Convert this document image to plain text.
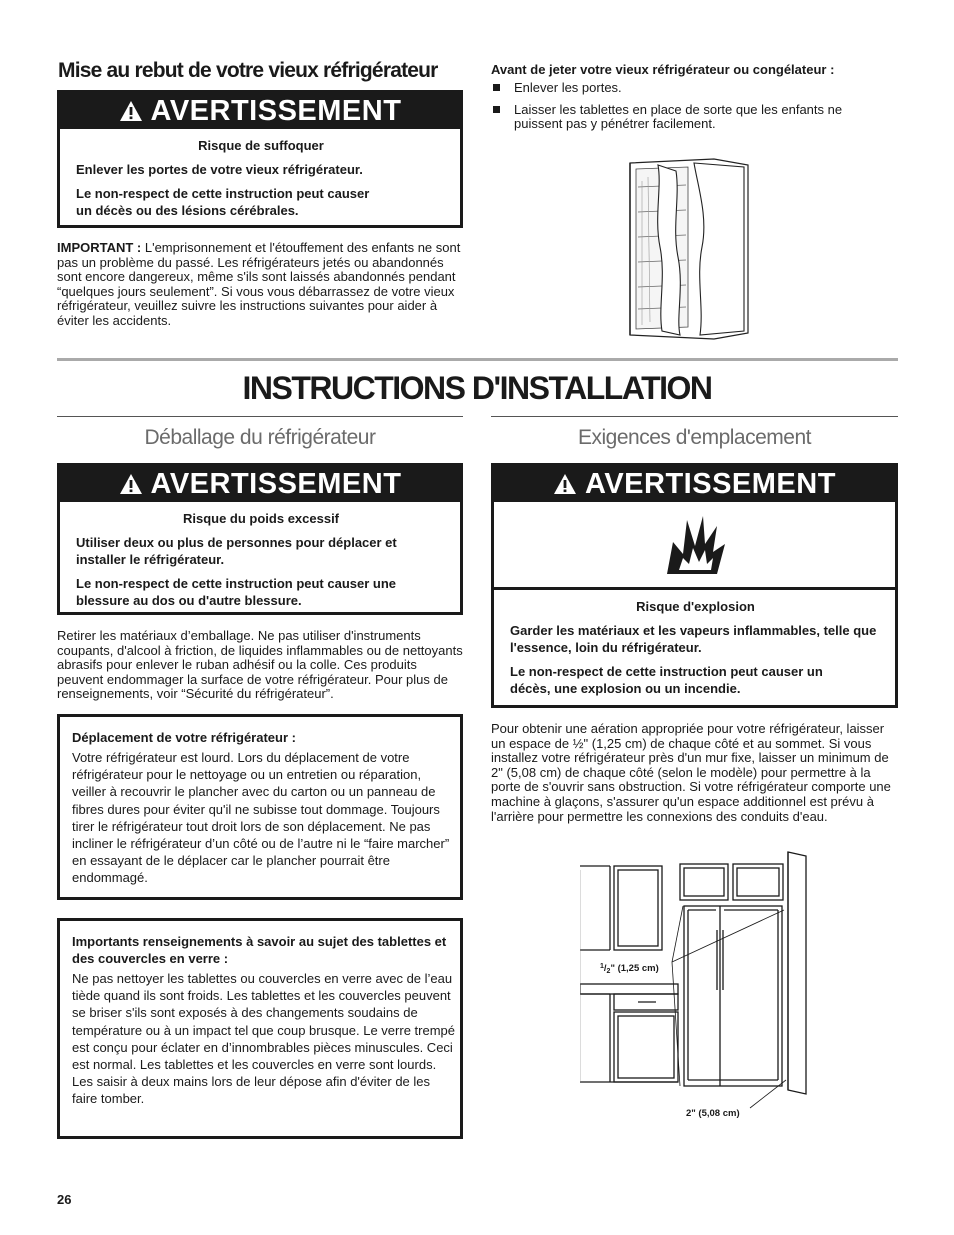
Mise au rebut de votre vieux réfrigérateur
AVERTISSEMENT
Risque de suffoquer

Enlever les portes de votre vieux réfrigérateur.

Le non-respect de cette instruction peut causer un décès ou des lésions cérébrales.

IMPORTANT : L'emprisonnement et l'étouffement des enfants ne sont pas un problème du passé. Les réfrigérateurs jetés ou abandonnés sont encore dangereux, même s'ils sont laissés abandonnés pendant “quelques jours seulement”. Si vous vous débarrassez de votre vieux réfrigérateur, veuillez suivre les instructions suivantes pour aider à éviter les accidents.
Avant de jeter votre vieux réfrigérateur ou congélateur :
Enlever les portes.
Laisser les tablettes en place de sorte que les enfants ne puissent pas y pénétrer facilement.
INSTRUCTIONS D'INSTALLATION
Déballage du réfrigérateur
AVERTISSEMENT
Risque du poids excessif

Utiliser deux ou plus de personnes pour déplacer et installer le réfrigérateur.

Le non-respect de cette instruction peut causer une blessure au dos ou d'autre blessure.

Retirer les matériaux d’emballage. Ne pas utiliser d'instruments coupants, d'alcool à friction, de liquides inflammables ou de nettoyants abrasifs pour enlever le ruban adhésif ou la colle. Ces produits peuvent endommager la surface de votre réfrigérateur. Pour plus de renseignements, voir “Sécurité du réfrigérateur”.
Déplacement de votre réfrigérateur :
Votre réfrigérateur est lourd. Lors du déplacement de votre réfrigérateur pour le nettoyage ou un entretien ou réparation, veiller à recouvrir le plancher avec du carton ou un panneau de fibres dures pour éviter qu'il ne subisse tout dommage. Toujours tirer le réfrigérateur tout droit lors de son déplacement. Ne pas incliner le réfrigérateur d’un côté ou de l’autre ni le “faire marcher” en essayant de le déplacer car le plancher pourrait être endommagé.
Importants renseignements à savoir au sujet des tablettes et des couvercles en verre :
Ne pas nettoyer les tablettes ou couvercles en verre avec de l’eau tiède quand ils sont froids. Les tablettes et les couvercles peuvent se briser s'ils sont exposés à des changements soudains de température ou à un impact tel que coup brusque. Le verre trempé est conçu pour éclater en d’innombrables pièces minuscules. Ceci est normal. Les tablettes et les couvercles en verre sont lourds. Les saisir à deux mains lors de leur dépose afin d'éviter de les faire tomber.
Exigences d'emplacement
AVERTISSEMENT
Risque d'explosion

Garder les matériaux et les vapeurs inflammables, telle que l'essence, loin du réfrigérateur.

Le non-respect de cette instruction peut causer un décès, une explosion ou un incendie.

Pour obtenir une aération appropriée pour votre réfrigérateur, laisser un espace de ½" (1,25 cm) de chaque côté et au sommet. Si vous installez votre réfrigérateur près d'un mur fixe, laisser un minimum de 2" (5,08 cm) de chaque côté (selon le modèle) pour permettre à la porte de s'ouvrir sans obstruction. Si votre réfrigérateur comporte une machine à glaçons, s'assurer qu'un espace additionnel est prévu à l'arrière pour permettre les connexions des conduits d'eau.
$^1/_2$" (1,25 cm)
2" (5,08 cm)
26
